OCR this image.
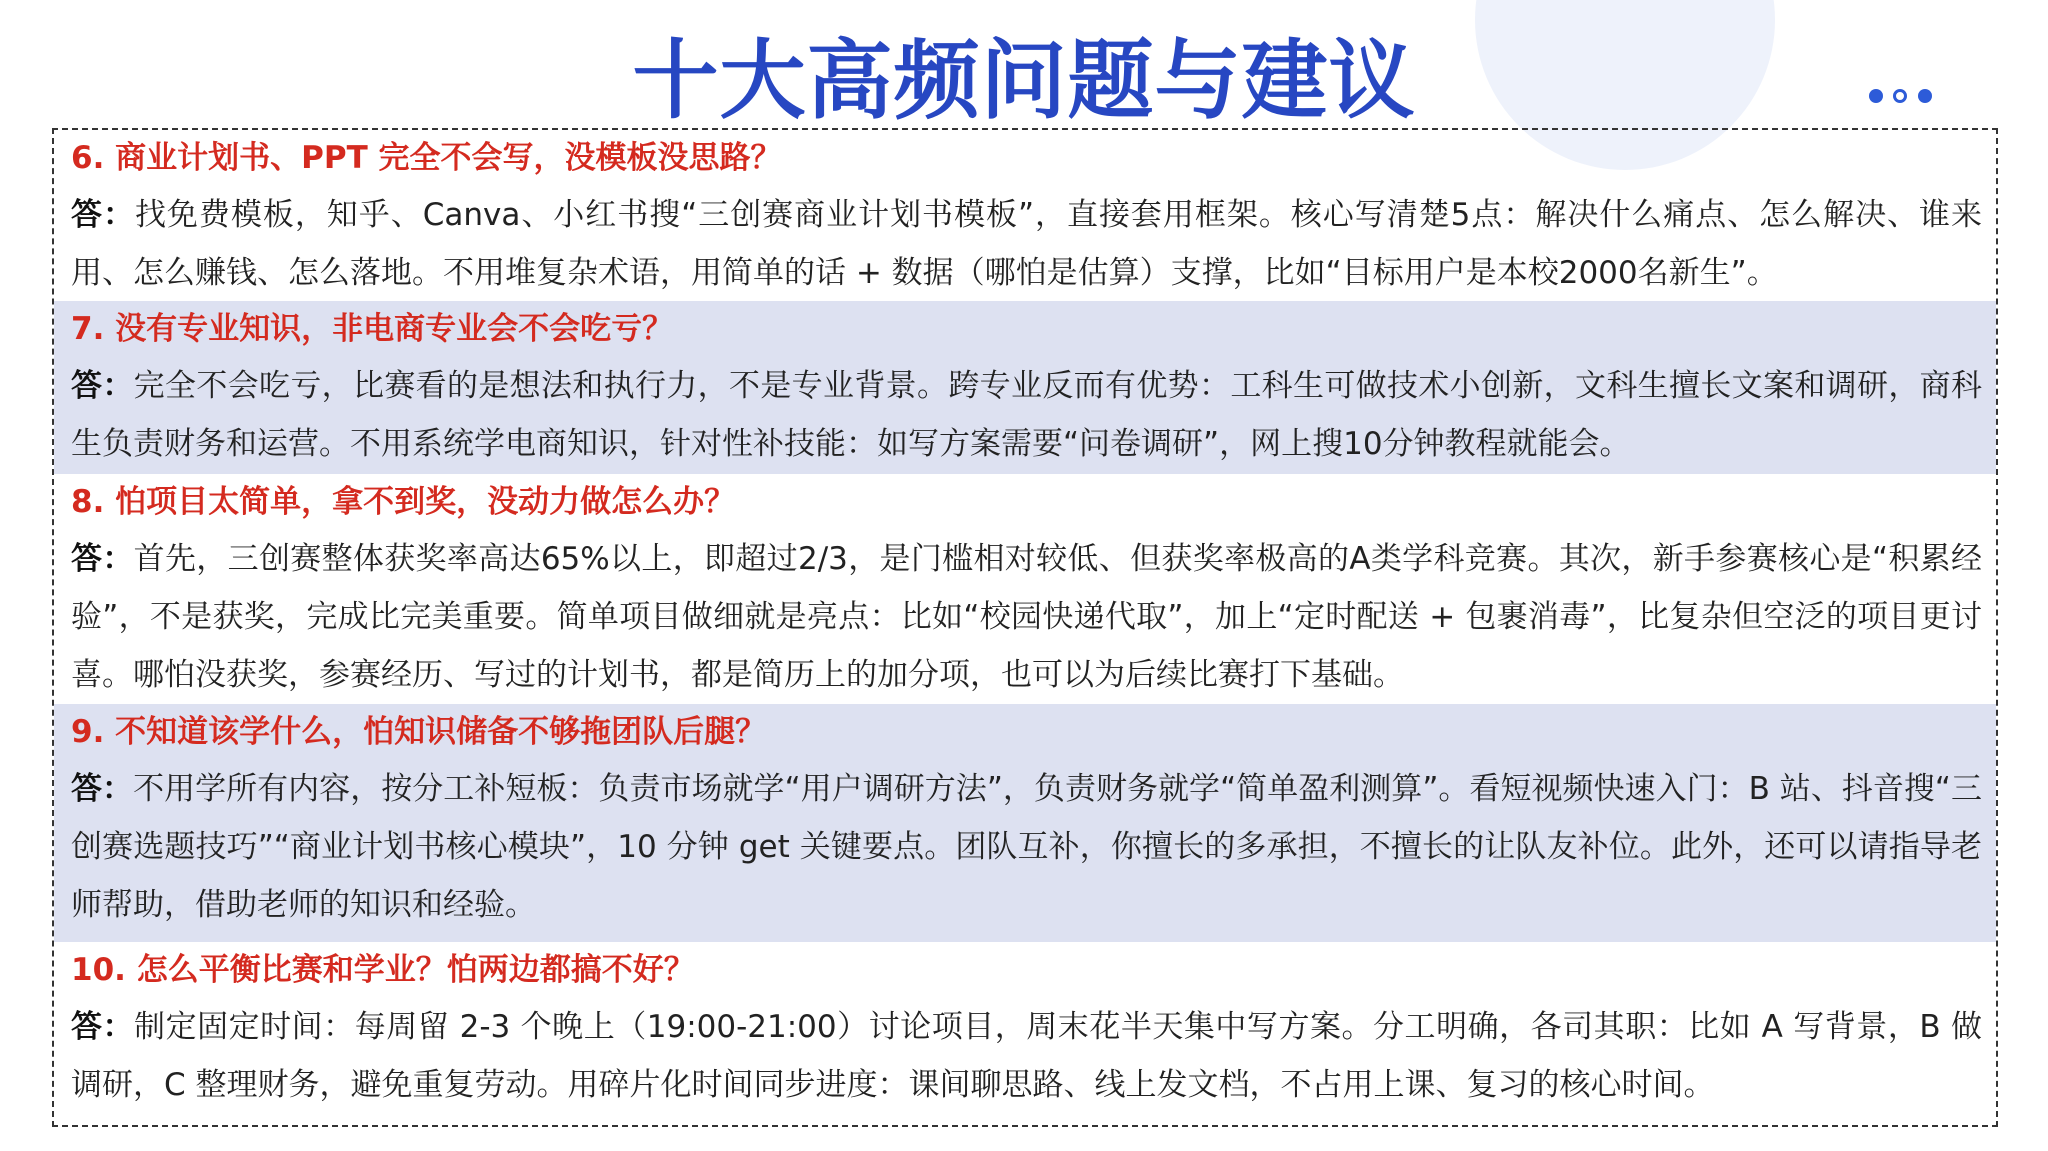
十大高频问题与建议
6. 商业计划书、PPT 完全不会写，没模板没思路？
答：找免费模板，知乎、Canva、小红书搜“三创赛商业计划书模板”，直接套用框架。核心写清楚5点：解决什么痛点、怎么解决、谁来用、怎么赚钱、怎么落地。不用堆复杂术语，用简单的话 + 数据（哪怕是估算）支撑，比如“目标用户是本校2000名新生”。
7. 没有专业知识，非电商专业会不会吃亏？
答：完全不会吃亏，比赛看的是想法和执行力，不是专业背景。跨专业反而有优势：工科生可做技术小创新，文科生擅长文案和调研，商科生负责财务和运营。不用系统学电商知识，针对性补技能：如写方案需要“问卷调研”，网上搜10分钟教程就能会。
8. 怕项目太简单，拿不到奖，没动力做怎么办？
答：首先，三创赛整体获奖率高达65%以上，即超过2/3，是门槛相对较低、但获奖率极高的A类学科竞赛。其次，新手参赛核心是“积累经验”，不是获奖，完成比完美重要。简单项目做细就是亮点：比如“校园快递代取”，加上“定时配送 + 包裹消毒”，比复杂但空泛的项目更讨喜。哪怕没获奖，参赛经历、写过的计划书，都是简历上的加分项，也可以为后续比赛打下基础。
9. 不知道该学什么，怕知识储备不够拖团队后腿？
答：不用学所有内容，按分工补短板：负责市场就学“用户调研方法”，负责财务就学“简单盈利测算”。看短视频快速入门：B 站、抖音搜“三创赛选题技巧”“商业计划书核心模块”，10 分钟 get 关键要点。团队互补，你擅长的多承担，不擅长的让队友补位。此外，还可以请指导老师帮助，借助老师的知识和经验。
10. 怎么平衡比赛和学业？怕两边都搞不好？
答：制定固定时间：每周留 2-3 个晚上（19:00-21:00）讨论项目，周末花半天集中写方案。分工明确，各司其职：比如 A 写背景，B 做调研，C 整理财务，避免重复劳动。用碎片化时间同步进度：课间聊思路、线上发文档，不占用上课、复习的核心时间。
